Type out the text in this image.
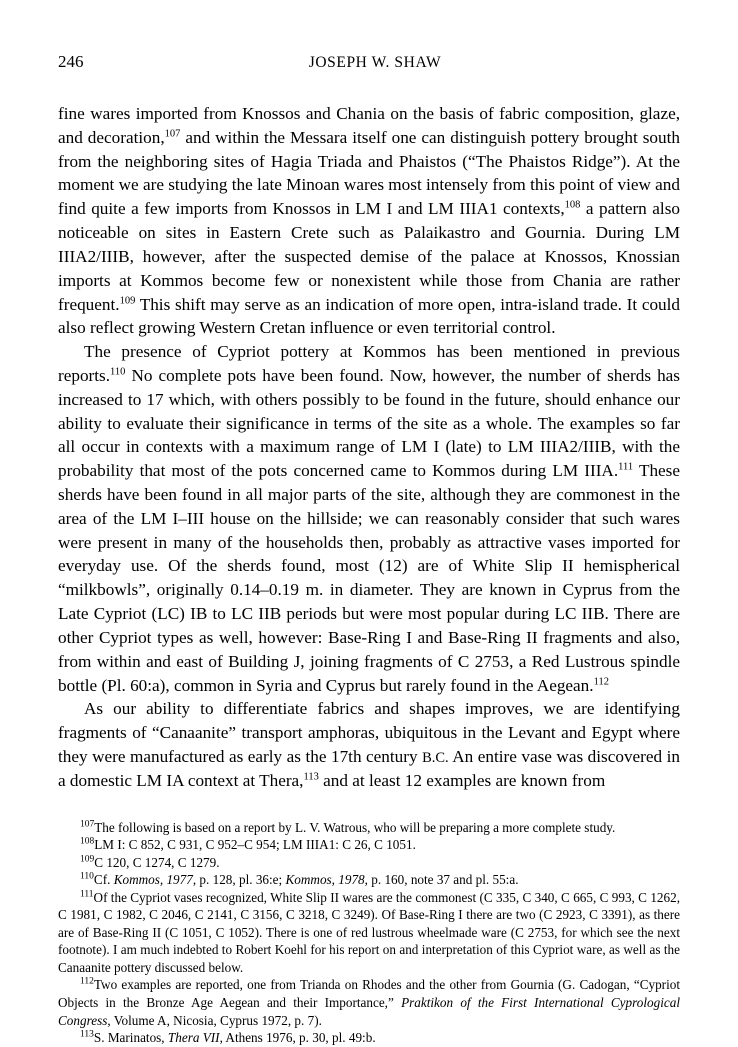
246	JOSEPH W. SHAW

fine wares imported from Knossos and Chania on the basis of fabric composition, glaze, and decoration,$^{107}$ and within the Messara itself one can distinguish pottery brought south from the neighboring sites of Hagia Triada and Phaistos (“The Phaistos Ridge”). At the moment we are studying the late Minoan wares most intensely from this point of view and find quite a few imports from Knossos in LM I and LM IIIA1 contexts,$^{108}$ a pattern also noticeable on sites in Eastern Crete such as Palaikastro and Gournia. During LM IIIA2/IIIB, however, after the suspected demise of the palace at Knossos, Knossian imports at Kommos become few or nonexistent while those from Chania are rather frequent.$^{109}$ This shift may serve as an indication of more open, intra-island trade. It could also reflect growing Western Cretan influence or even territorial control.

The presence of Cypriot pottery at Kommos has been mentioned in previous reports.$^{110}$ No complete pots have been found. Now, however, the number of sherds has increased to 17 which, with others possibly to be found in the future, should enhance our ability to evaluate their significance in terms of the site as a whole. The examples so far all occur in contexts with a maximum range of LM I (late) to LM IIIA2/IIIB, with the probability that most of the pots concerned came to Kommos during LM IIIA.$^{111}$ These sherds have been found in all major parts of the site, although they are commonest in the area of the LM I–III house on the hillside; we can reasonably consider that such wares were present in many of the households then, probably as attractive vases imported for everyday use. Of the sherds found, most (12) are of White Slip II hemispherical “milkbowls”, originally 0.14–0.19 m. in diameter. They are known in Cyprus from the Late Cypriot (LC) IB to LC IIB periods but were most popular during LC IIB. There are other Cypriot types as well, however: Base-Ring I and Base-Ring II fragments and also, from within and east of Building J, joining fragments of C 2753, a Red Lustrous spindle bottle (Pl. 60:a), common in Syria and Cyprus but rarely found in the Aegean.$^{112}$

As our ability to differentiate fabrics and shapes improves, we are identifying fragments of “Canaanite” transport amphoras, ubiquitous in the Levant and Egypt where they were manufactured as early as the 17th century B.C. An entire vase was discovered in a domestic LM IA context at Thera,$^{113}$ and at least 12 examples are known from

$^{107}$The following is based on a report by L. V. Watrous, who will be preparing a more complete study.

$^{108}$LM I: C 852, C 931, C 952–C 954; LM IIIA1: C 26, C 1051.

$^{109}$C 120, C 1274, C 1279.

$^{110}$Cf. Kommos, 1977, p. 128, pl. 36:e; Kommos, 1978, p. 160, note 37 and pl. 55:a.

$^{111}$Of the Cypriot vases recognized, White Slip II wares are the commonest (C 335, C 340, C 665, C 993, C 1262, C 1981, C 1982, C 2046, C 2141, C 3156, C 3218, C 3249). Of Base-Ring I there are two (C 2923, C 3391), as there are of Base-Ring II (C 1051, C 1052). There is one of red lustrous wheelmade ware (C 2753, for which see the next footnote). I am much indebted to Robert Koehl for his report on and interpretation of this Cypriot ware, as well as the Canaanite pottery discussed below.

$^{112}$Two examples are reported, one from Trianda on Rhodes and the other from Gournia (G. Cadogan, “Cypriot Objects in the Bronze Age Aegean and their Importance,” Praktikon of the First International Cyprological Congress, Volume A, Nicosia, Cyprus 1972, p. 7).

$^{113}$S. Marinatos, Thera VII, Athens 1976, p. 30, pl. 49:b.
